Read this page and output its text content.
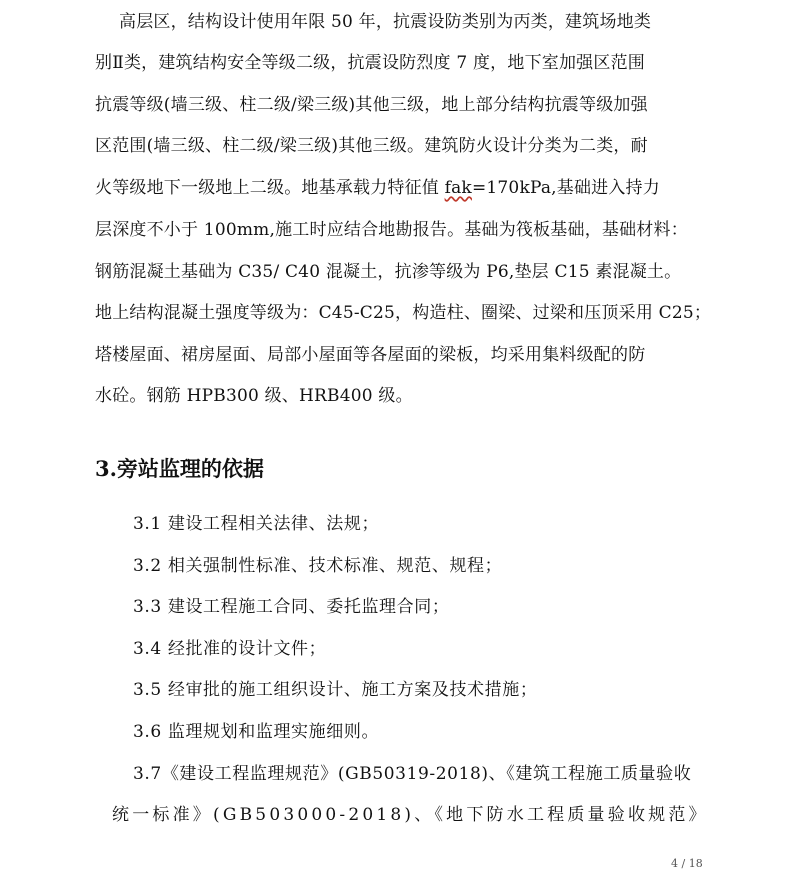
高层区，结构设计使用年限 50 年，抗震设防类别为丙类，建筑场地类
别Ⅱ类，建筑结构安全等级二级，抗震设防烈度 7 度，地下室加强区范围
抗震等级(墙三级、柱二级/梁三级)其他三级，地上部分结构抗震等级加强
区范围(墙三级、柱二级/梁三级)其他三级。建筑防火设计分类为二类，耐
火等级地下一级地上二级。地基承载力特征值 fak=170kPa,基础进入持力
层深度不小于 100mm,施工时应结合地勘报告。基础为筏板基础，基础材料：
钢筋混凝土基础为 C35/ C40 混凝土，抗渗等级为 P6,垫层 C15 素混凝土。
地上结构混凝土强度等级为：C45-C25，构造柱、圈梁、过梁和压顶采用 C25；
塔楼屋面、裙房屋面、局部小屋面等各屋面的梁板，均采用集料级配的防
水砼。钢筋 HPB300 级、HRB400 级。
3.旁站监理的依据
3.1 建设工程相关法律、法规；
3.2 相关强制性标准、技术标准、规范、规程；
3.3 建设工程施工合同、委托监理合同；
3.4 经批准的设计文件；
3.5 经审批的施工组织设计、施工方案及技术措施；
3.6 监理规划和监理实施细则。
3.7《建设工程监理规范》(GB50319-2018)、《建筑工程施工质量验收
统一标准》(GB503000-2018)、《地下防水工程质量验收规范》
4 / 18
